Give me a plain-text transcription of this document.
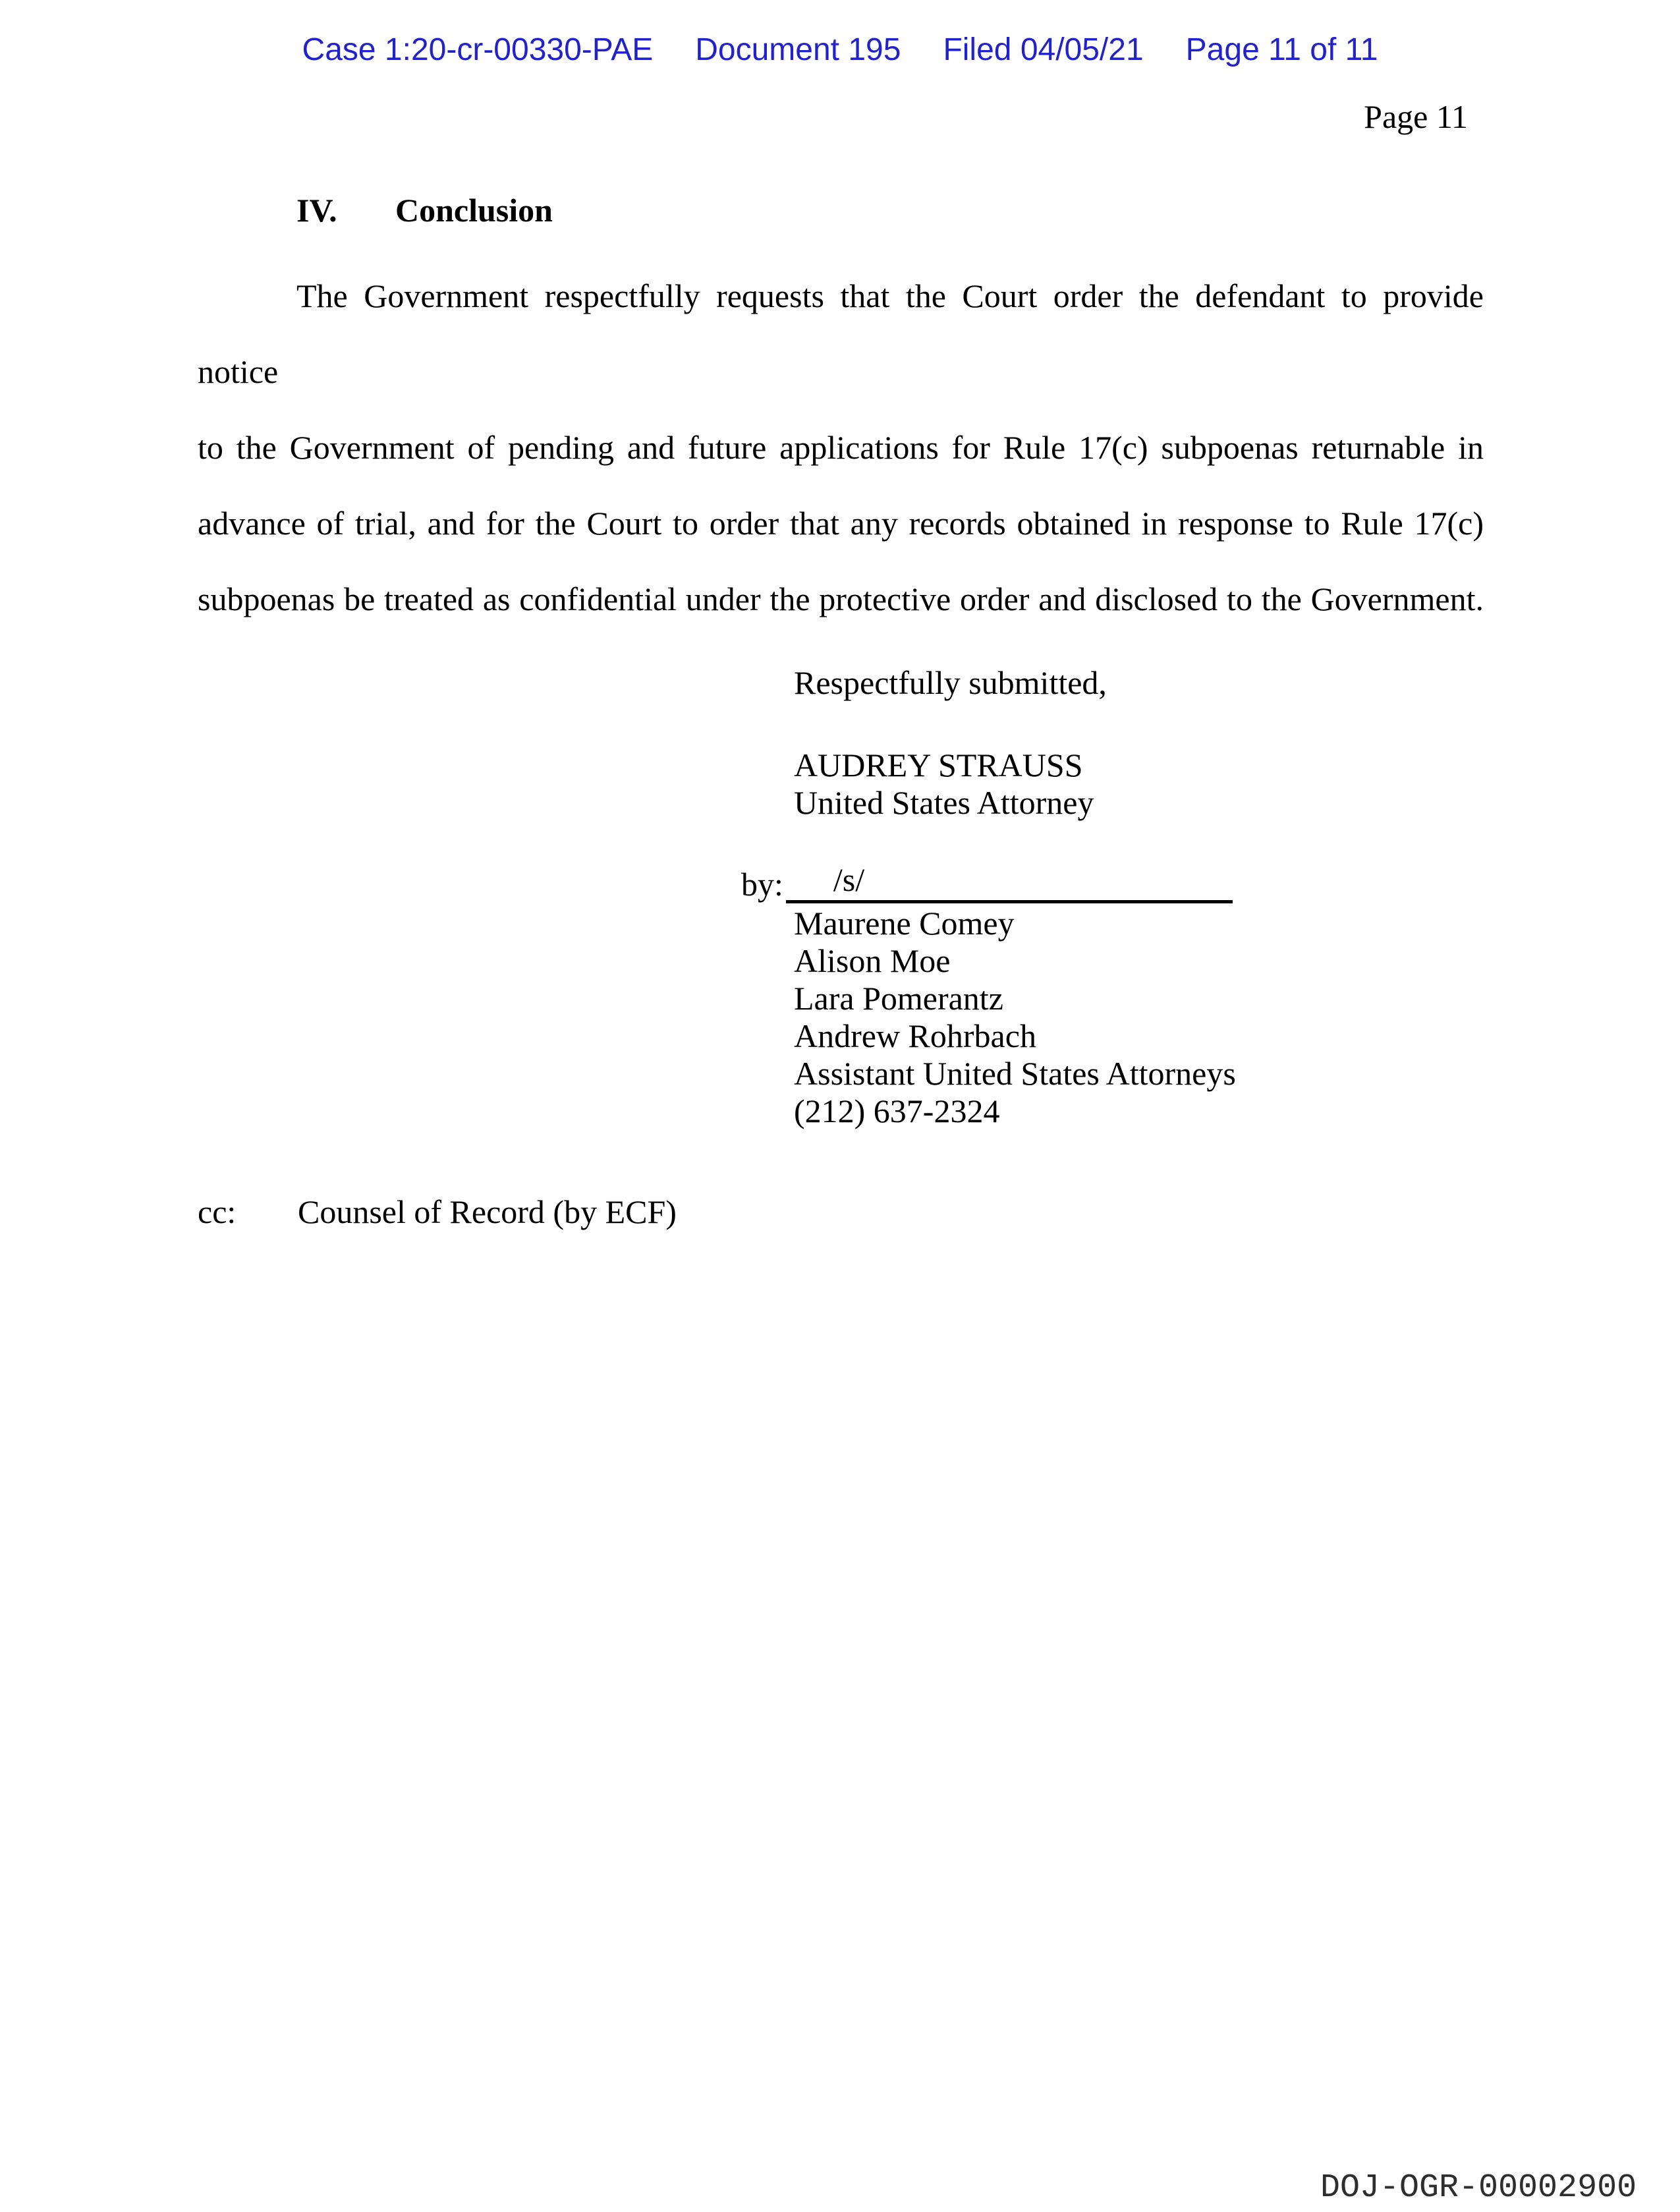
Case 1:20-cr-00330-PAE Document 195 Filed 04/05/21 Page 11 of 11
Page 11
IV.	Conclusion
The Government respectfully requests that the Court order the defendant to provide notice
to the Government of pending and future applications for Rule 17(c) subpoenas returnable in
advance of trial, and for the Court to order that any records obtained in response to Rule 17(c)
subpoenas be treated as confidential under the protective order and disclosed to the Government.
Respectfully submitted,
AUDREY STRAUSS
United States Attorney
by:	/s/
Maurene Comey
Alison Moe
Lara Pomerantz
Andrew Rohrbach
Assistant United States Attorneys
(212) 637-2324
cc:	Counsel of Record (by ECF)
DOJ-OGR-00002900
